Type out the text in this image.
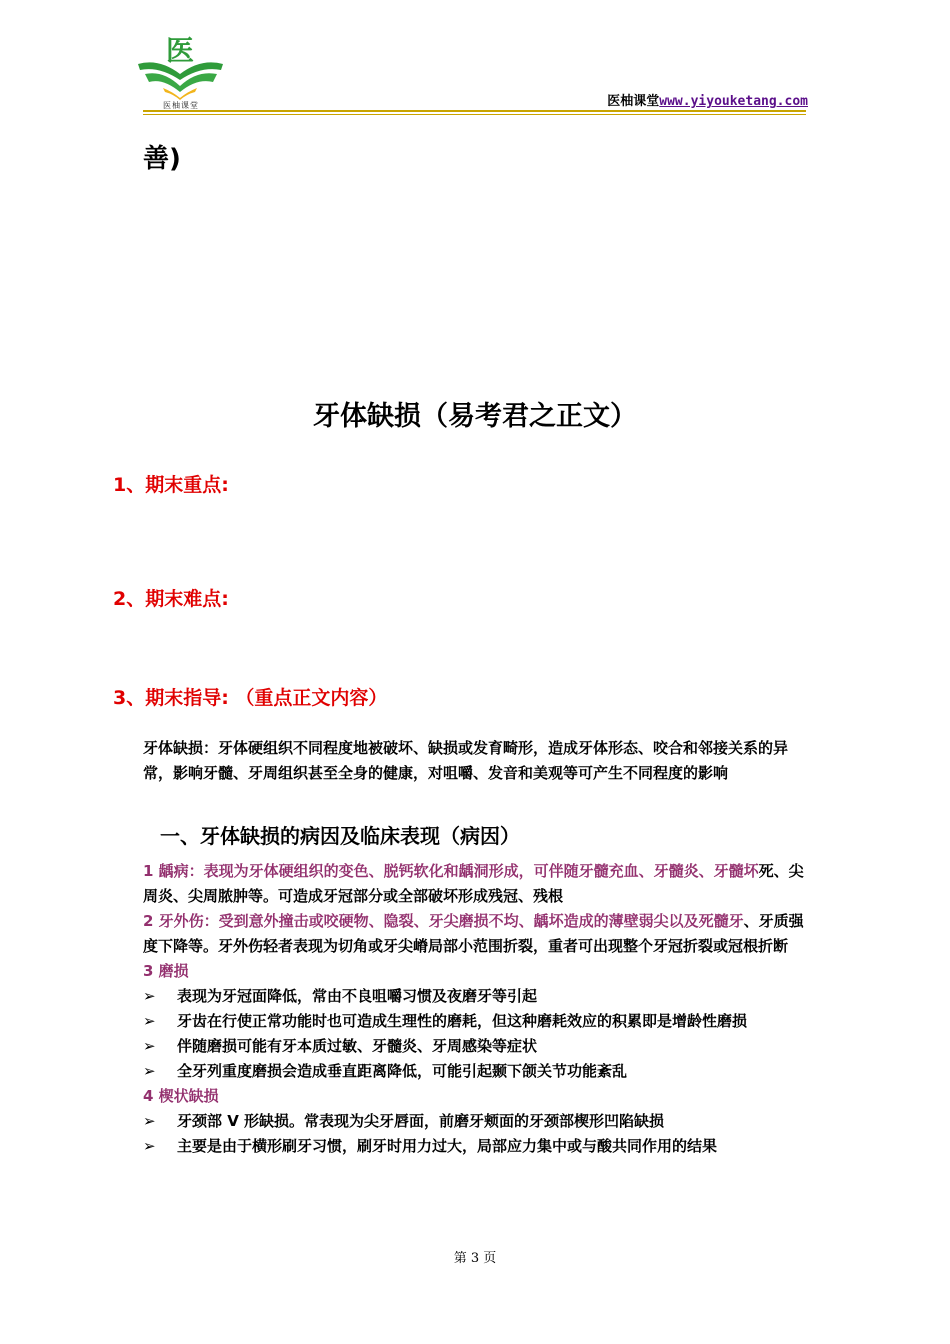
医
医柚课堂	医柚课堂www.yiyouketang.com
善)
牙体缺损（易考君之正文）
1、期末重点:
2、期末难点:
3、期末指导: （重点正文内容）
牙体缺损：牙体硬组织不同程度地被破坏、缺损或发育畸形，造成牙体形态、咬合和邻接关系的异常，影响牙髓、牙周组织甚至全身的健康，对咀嚼、发音和美观等可产生不同程度的影响
一、牙体缺损的病因及临床表现（病因）
1 龋病：表现为牙体硬组织的变色、脱钙软化和龋洞形成，可伴随牙髓充血、牙髓炎、牙髓坏死、尖周炎、尖周脓肿等。可造成牙冠部分或全部破坏形成残冠、残根
2 牙外伤：受到意外撞击或咬硬物、隐裂、牙尖磨损不均、龋坏造成的薄壁弱尖以及死髓牙、牙质强度下降等。牙外伤轻者表现为切角或牙尖嵴局部小范围折裂，重者可出现整个牙冠折裂或冠根折断
3 磨损
➢	表现为牙冠面降低，常由不良咀嚼习惯及夜磨牙等引起
➢	牙齿在行使正常功能时也可造成生理性的磨耗，但这种磨耗效应的积累即是增龄性磨损
➢	伴随磨损可能有牙本质过敏、牙髓炎、牙周感染等症状
➢	全牙列重度磨损会造成垂直距离降低，可能引起颞下颌关节功能紊乱
4 楔状缺损
➢	牙颈部 V 形缺损。常表现为尖牙唇面，前磨牙颊面的牙颈部楔形凹陷缺损
➢	主要是由于横形刷牙习惯，刷牙时用力过大，局部应力集中或与酸共同作用的结果
第 3 页
